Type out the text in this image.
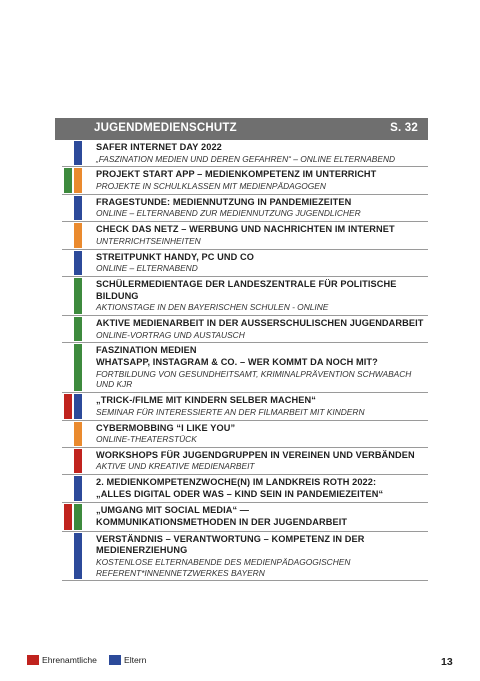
JUGENDMEDIENSCHUTZ	S. 32
SAFER INTERNET DAY 2022
„FASZINATION MEDIEN UND DEREN GEFAHREN“ – ONLINE ELTERNABEND
PROJEKT START APP – MEDIENKOMPETENZ IM UNTERRICHT
PROJEKTE IN SCHULKLASSEN MIT MEDIENPÄDAGOGEN
FRAGESTUNDE: MEDIENNUTZUNG IN PANDEMIEZEITEN
ONLINE – ELTERNABEND ZUR MEDIENNUTZUNG JUGENDLICHER
CHECK DAS NETZ – WERBUNG UND NACHRICHTEN IM INTERNET
UNTERRICHTSEINHEITEN
STREITPUNKT HANDY, PC UND CO
ONLINE – ELTERNABEND
SCHÜLERMEDIENTAGE DER LANDESZENTRALE FÜR POLITISCHE BILDUNG
AKTIONSTAGE IN DEN BAYERISCHEN SCHULEN - ONLINE
AKTIVE MEDIENARBEIT IN DER AUSSERSCHULISCHEN JUGENDARBEIT
ONLINE-VORTRAG UND AUSTAUSCH
FASZINATION MEDIEN
WHATSAPP, INSTAGRAM & CO. – WER KOMMT DA NOCH MIT?
FORTBILDUNG VON GESUNDHEITSAMT, KRIMINALPRÄVENTION SCHWABACH UND KJR
„TRICK-/FILME MIT KINDERN SELBER MACHEN“
SEMINAR FÜR INTERESSIERTE AN DER FILMARBEIT MIT KINDERN
CYBERMOBBING “I LIKE YOU”
ONLINE-THEATERSTÜCK
WORKSHOPS FÜR JUGENDGRUPPEN IN VEREINEN UND VERBÄNDEN
AKTIVE UND KREATIVE MEDIENARBEIT
2. MEDIENKOMPETENZWOCHE(N) IM LANDKREIS ROTH 2022:
„ALLES DIGITAL ODER WAS – KIND SEIN IN PANDEMIEZEITEN“
„UMGANG MIT SOCIAL MEDIA“ —
KOMMUNIKATIONSMETHODEN IN DER JUGENDARBEIT
VERSTÄNDNIS – VERANTWORTUNG – KOMPETENZ IN DER MEDIENERZIEHUNG
KOSTENLOSE ELTERNABENDE DES MEDIENPÄDAGOGISCHEN REFERENT*INNENNETZWERKES BAYERN
Ehrenamtliche	Eltern	13
